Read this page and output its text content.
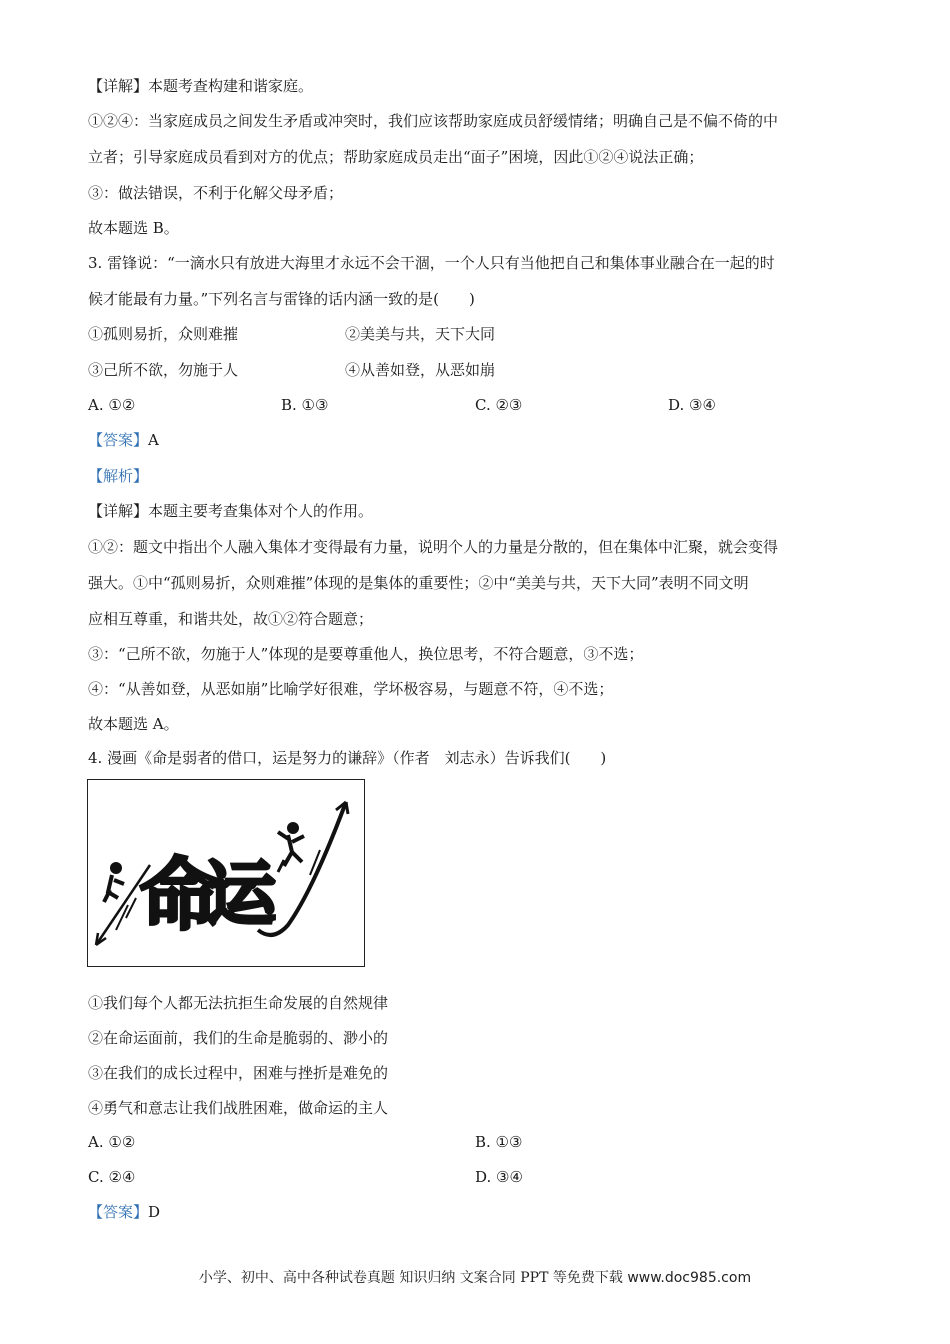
【详解】本题考查构建和谐家庭。
①②④：当家庭成员之间发生矛盾或冲突时，我们应该帮助家庭成员舒缓情绪；明确自己是不偏不倚的中
立者；引导家庭成员看到对方的优点；帮助家庭成员走出“面子”困境，因此①②④说法正确；
③：做法错误，不利于化解父母矛盾；
故本题选 B。
3. 雷锋说：“一滴水只有放进大海里才永远不会干涸，一个人只有当他把自己和集体事业融合在一起的时
候才能最有力量。”下列名言与雷锋的话内涵一致的是(　　)
①孤则易折，众则难摧	②美美与共，天下大同
③己所不欲，勿施于人	④从善如登，从恶如崩
A. ①②	B. ①③	C. ②③	D. ③④
【答案】A
【解析】
【详解】本题主要考查集体对个人的作用。
①②：题文中指出个人融入集体才变得最有力量，说明个人的力量是分散的，但在集体中汇聚，就会变得
强大。①中“孤则易折，众则难摧”体现的是集体的重要性；②中“美美与共，天下大同”表明不同文明
应相互尊重，和谐共处，故①②符合题意；
③：“己所不欲，勿施于人”体现的是要尊重他人，换位思考，不符合题意，③不选；
④：“从善如登，从恶如崩”比喻学好很难，学坏极容易，与题意不符，④不选；
故本题选 A。
4. 漫画《命是弱者的借口，运是努力的谦辞》（作者　刘志永）告诉我们(　　)
命
运
①我们每个人都无法抗拒生命发展的自然规律
②在命运面前，我们的生命是脆弱的、渺小的
③在我们的成长过程中，困难与挫折是难免的
④勇气和意志让我们战胜困难，做命运的主人
A. ①②	B. ①③
C. ②④	D. ③④
【答案】D
小学、初中、高中各种试卷真题 知识归纳 文案合同 PPT 等免费下载 www.doc985.com
